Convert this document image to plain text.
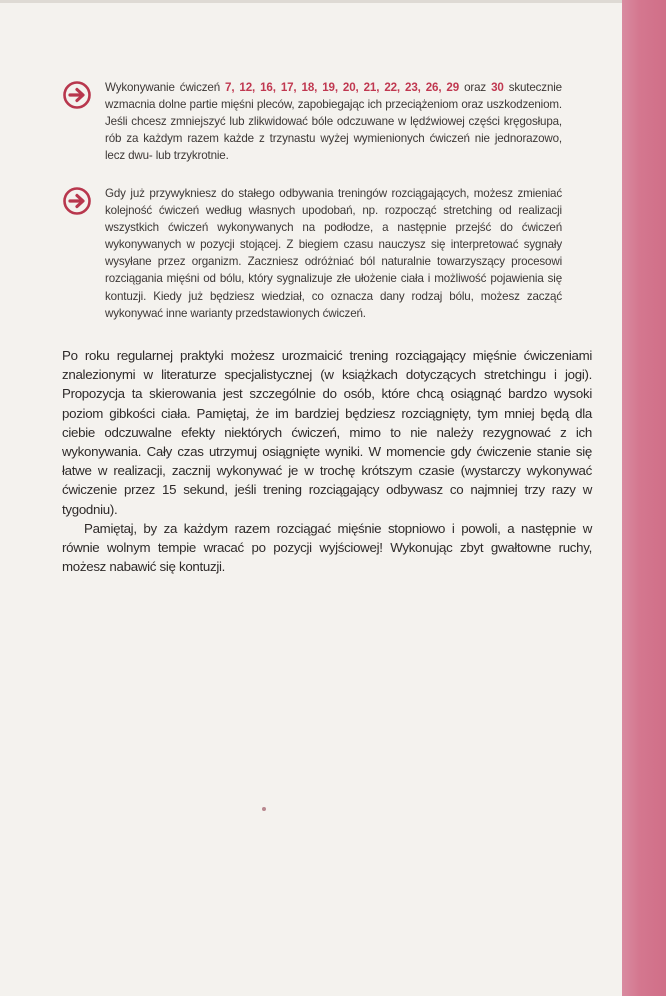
Wykonywanie ćwiczeń 7, 12, 16, 17, 18, 19, 20, 21, 22, 23, 26, 29 oraz 30 skutecznie wzmacnia dolne partie mięśni pleców, zapobiegając ich przeciążeniom oraz uszkodzeniom. Jeśli chcesz zmniejszyć lub zlikwidować bóle odczuwane w lędźwiowej części kręgosłupa, rób za każdym razem każde z trzynastu wyżej wymienionych ćwiczeń nie jednorazowo, lecz dwu- lub trzykrotnie.
Gdy już przywykniesz do stałego odbywania treningów rozciągających, możesz zmieniać kolejność ćwiczeń według własnych upodobań, np. rozpocząć stretching od realizacji wszystkich ćwiczeń wykonywanych na podłodze, a następnie przejść do ćwiczeń wykonywanych w pozycji stojącej. Z biegiem czasu nauczysz się interpretować sygnały wysyłane przez organizm. Zaczniesz odróżniać ból naturalnie towarzyszący procesowi rozciągania mięśni od bólu, który sygnalizuje złe ułożenie ciała i możliwość pojawienia się kontuzji. Kiedy już będziesz wiedział, co oznacza dany rodzaj bólu, możesz zacząć wykonywać inne warianty przedstawionych ćwiczeń.

Po roku regularnej praktyki możesz urozmaicić trening rozciągający mięśnie ćwiczeniami znalezionymi w literaturze specjalistycznej (w książkach dotyczących stretchingu i jogi). Propozycja ta skierowania jest szczególnie do osób, które chcą osiągnąć bardzo wysoki poziom gibkości ciała. Pamiętaj, że im bardziej będziesz rozciągnięty, tym mniej będą dla ciebie odczuwalne efekty niektórych ćwiczeń, mimo to nie należy rezygnować z ich wykonywania. Cały czas utrzymuj osiągnięte wyniki. W momencie gdy ćwiczenie stanie się łatwe w realizacji, zacznij wykonywać je w trochę krótszym czasie (wystarczy wykonywać ćwiczenie przez 15 sekund, jeśli trening rozciągający odbywasz co najmniej trzy razy w tygodniu).

Pamiętaj, by za każdym razem rozciągać mięśnie stopniowo i powoli, a następnie w równie wolnym tempie wracać po pozycji wyjściowej! Wykonując zbyt gwałtowne ruchy, możesz nabawić się kontuzji.
